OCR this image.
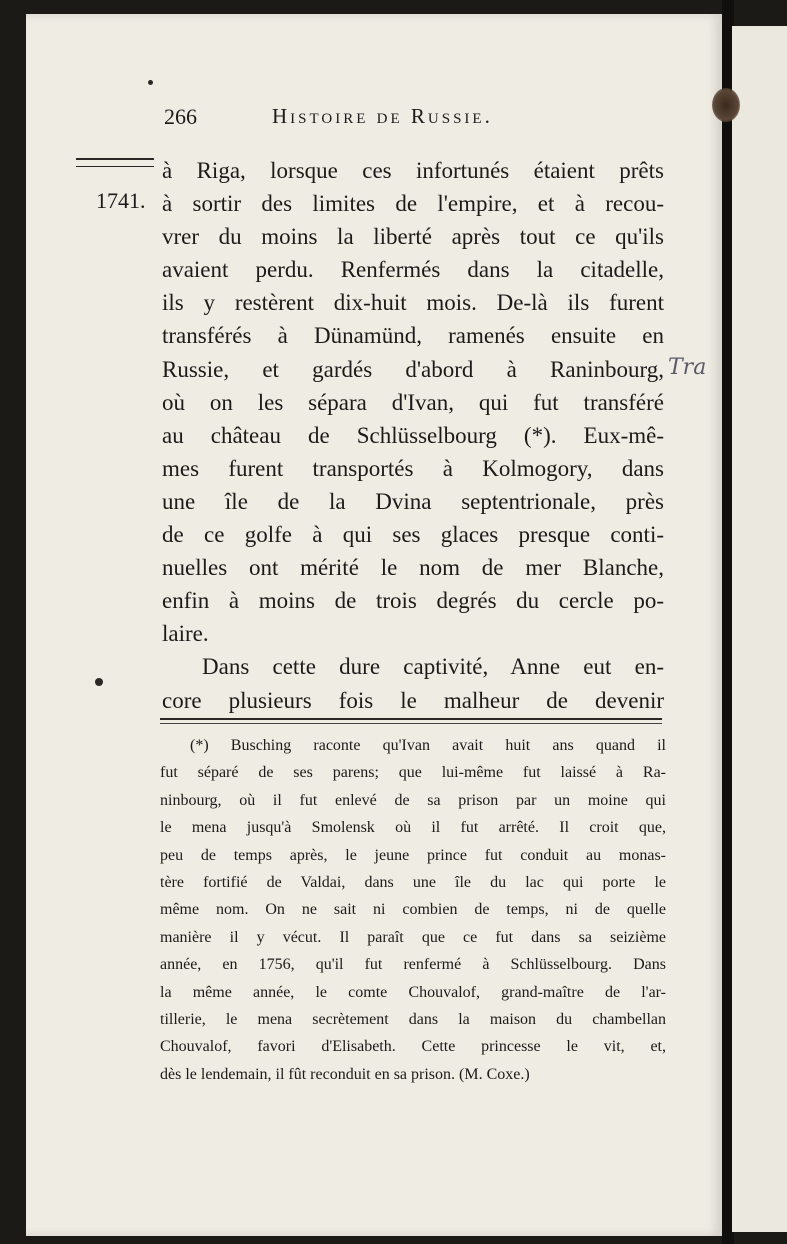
266	Histoire de Russie.
1741.
Tra
à Riga, lorsque ces infortunés étaient prêts
à sortir des limites de l'empire, et à recou-
vrer du moins la liberté après tout ce qu'ils
avaient perdu. Renfermés dans la citadelle,
ils y restèrent dix-huit mois. De-là ils furent
transférés à Dünamünd, ramenés ensuite en
Russie, et gardés d'abord à Raninbourg,
où on les sépara d'Ivan, qui fut transféré
au château de Schlüsselbourg (*). Eux-mê-
mes furent transportés à Kolmogory, dans
une île de la Dvina septentrionale, près
de ce golfe à qui ses glaces presque conti-
nuelles ont mérité le nom de mer Blanche,
enfin à moins de trois degrés du cercle po-
laire.
Dans cette dure captivité, Anne eut en-
core plusieurs fois le malheur de devenir
(*) Busching raconte qu'Ivan avait huit ans quand il
fut séparé de ses parens; que lui-même fut laissé à Ra-
ninbourg, où il fut enlevé de sa prison par un moine qui
le mena jusqu'à Smolensk où il fut arrêté. Il croit que,
peu de temps après, le jeune prince fut conduit au monas-
tère fortifié de Valdai, dans une île du lac qui porte le
même nom. On ne sait ni combien de temps, ni de quelle
manière il y vécut. Il paraît que ce fut dans sa seizième
année, en 1756, qu'il fut renfermé à Schlüsselbourg. Dans
la même année, le comte Chouvalof, grand-maître de l'ar-
tillerie, le mena secrètement dans la maison du chambellan
Chouvalof, favori d'Elisabeth. Cette princesse le vit, et,
dès le lendemain, il fût reconduit en sa prison. (M. Coxe.)
